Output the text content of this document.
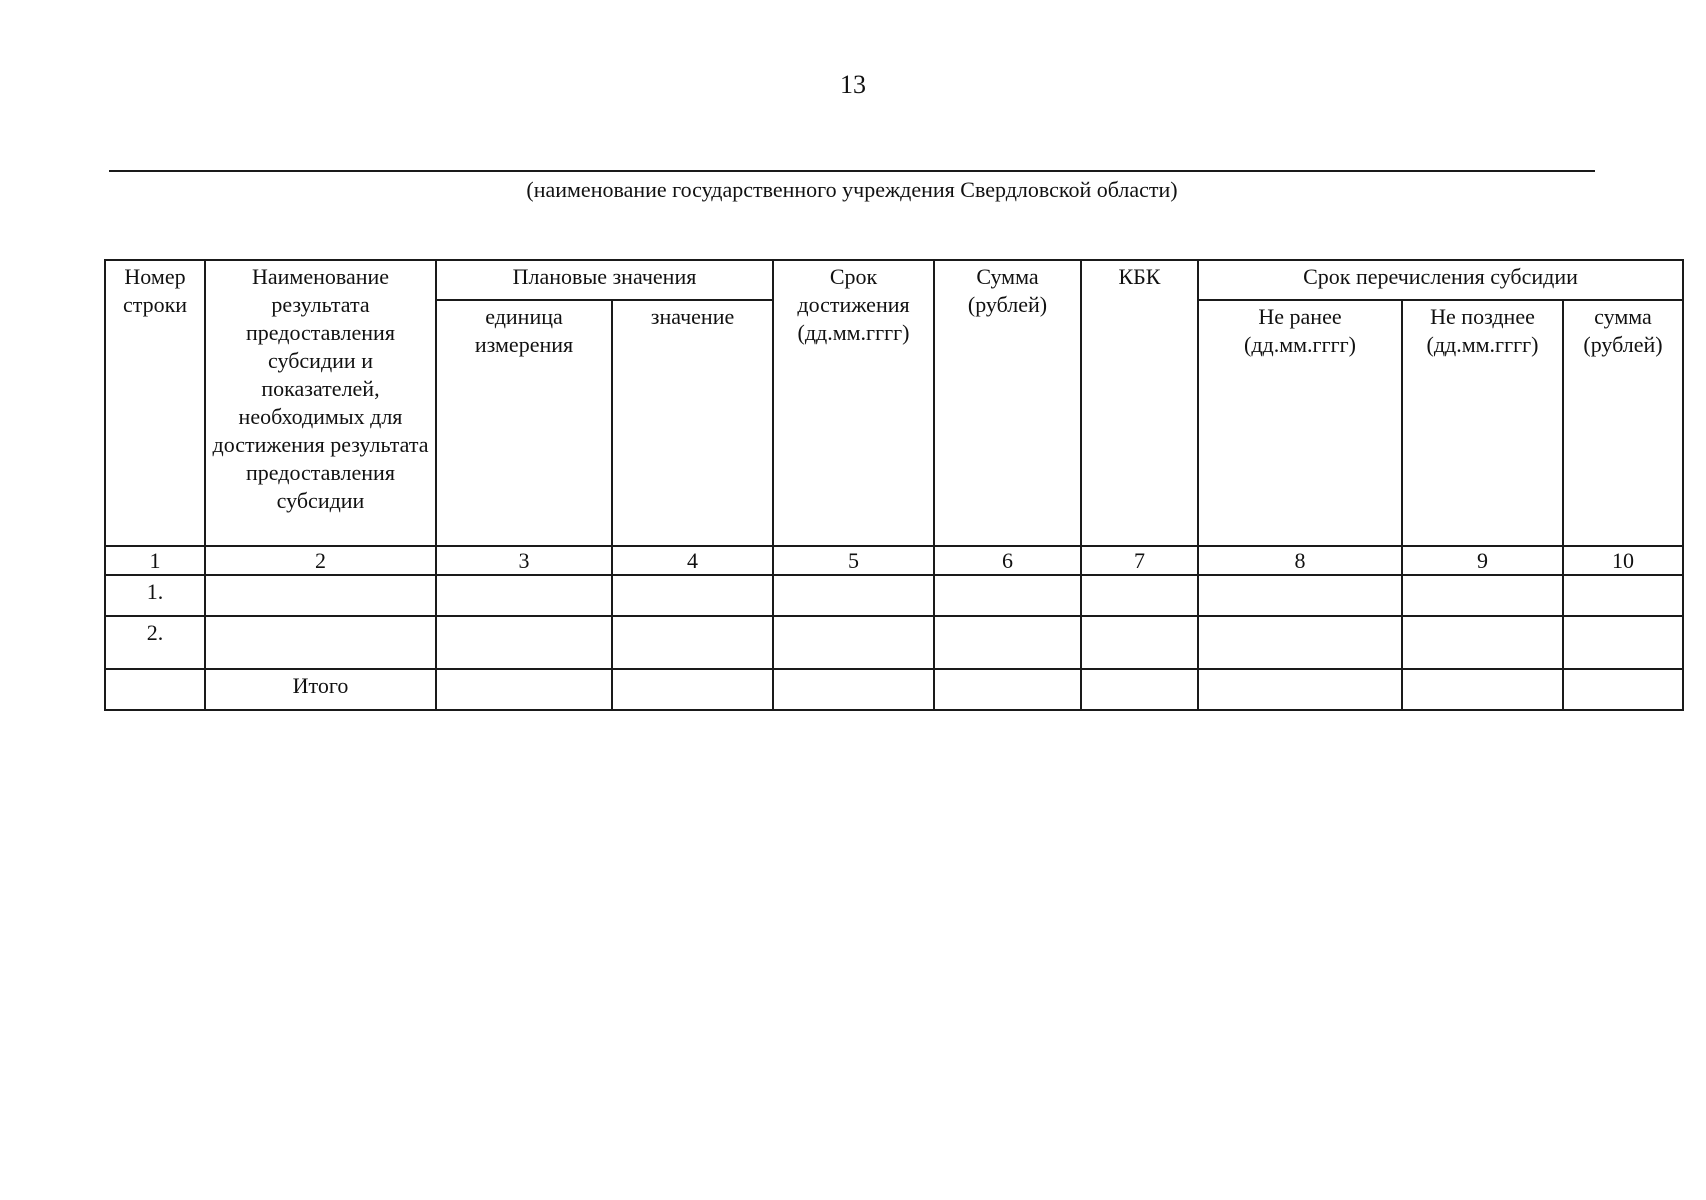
13
(наименование государственного учреждения Свердловской области)
Номер строки	Наименование результата предоставления субсидии и показателей, необходимых для достижения результата предоставления субсидии	Плановые значения		Срок достижения (дд.мм.гггг)	Сумма (рублей)	КБК	Срок перечисления субсидии		

		единица измерения	значение				Не ранее (дд.мм.гггг)	Не позднее (дд.мм.гггг)	сумма (рублей)

1	2	3	4	5	6	7	8	9	10
1.									
2.									
	Итого								
